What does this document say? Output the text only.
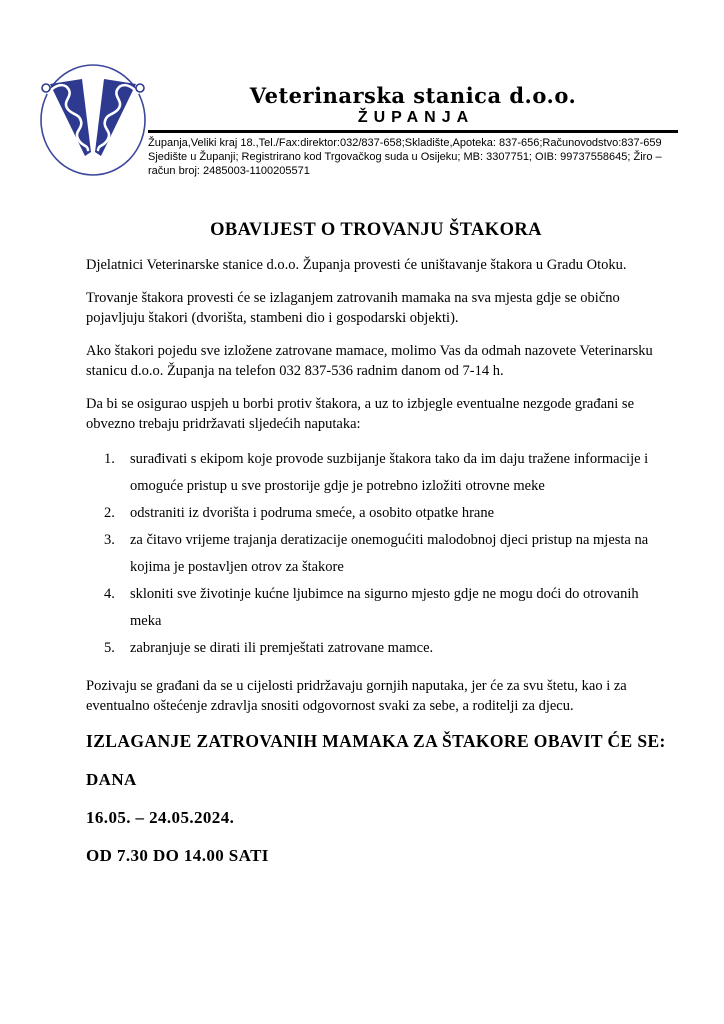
Veterinarska stanica d.o.o.
ŽUPANJA
Županja,Veliki kraj 18.,Tel./Fax:direktor:032/837-658;Skladište,Apoteka: 837-656;Računovodstvo:837-659
Sjedište u Županji; Registrirano kod Trgovačkog suda u Osijeku; MB: 3307751; OIB: 99737558645; Žiro –
račun broj: 2485003-1100205571
OBAVIJEST O TROVANJU ŠTAKORA

Djelatnici Veterinarske stanice d.o.o. Županja provesti će uništavanje štakora u Gradu Otoku.

Trovanje štakora provesti će se izlaganjem zatrovanih mamaka na sva mjesta gdje se obično
pojavljuju štakori (dvorišta, stambeni dio i gospodarski objekti).

Ako štakori pojedu sve izložene zatrovane mamace, molimo Vas da odmah nazovete Veterinarsku
stanicu d.o.o. Županja na telefon 032 837-536 radnim danom od 7-14 h.

Da bi se osigurao uspjeh u borbi protiv štakora, a uz to izbjegle eventualne nezgode građani se
obvezno trebaju pridržavati sljedećih naputaka:

1.	surađivati s ekipom koje provode suzbijanje štakora tako da im daju tražene informacije i
omoguće pristup u sve prostorije gdje je potrebno izložiti otrovne meke
2.	odstraniti iz dvorišta i podruma smeće, a osobito otpatke hrane
3.	za čitavo vrijeme trajanja deratizacije onemogućiti malodobnoj djeci pristup na mjesta na
kojima je postavljen otrov za štakore
4.	skloniti sve životinje kućne ljubimce na sigurno mjesto gdje ne mogu doći do otrovanih
meka
5.	zabranjuje se dirati ili premještati zatrovane mamce.

Pozivaju se građani da se u cijelosti pridržavaju gornjih naputaka, jer će za svu štetu, kao i za
eventualno oštećenje zdravlja snositi odgovornost svaki za sebe, a roditelji za djecu.

IZLAGANJE ZATROVANIH MAMAKA ZA ŠTAKORE OBAVIT ĆE SE:

DANA

16.05. – 24.05.2024.

OD 7.30 DO 14.00 SATI
